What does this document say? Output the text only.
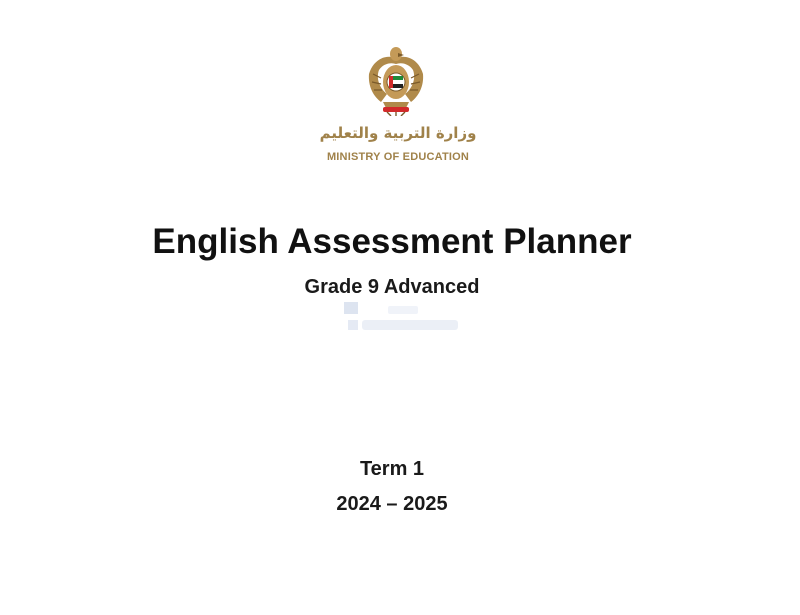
وزارة التربية والتعليم
MINISTRY OF EDUCATION
English Assessment Planner
Grade 9 Advanced
Term 1
2024 – 2025
